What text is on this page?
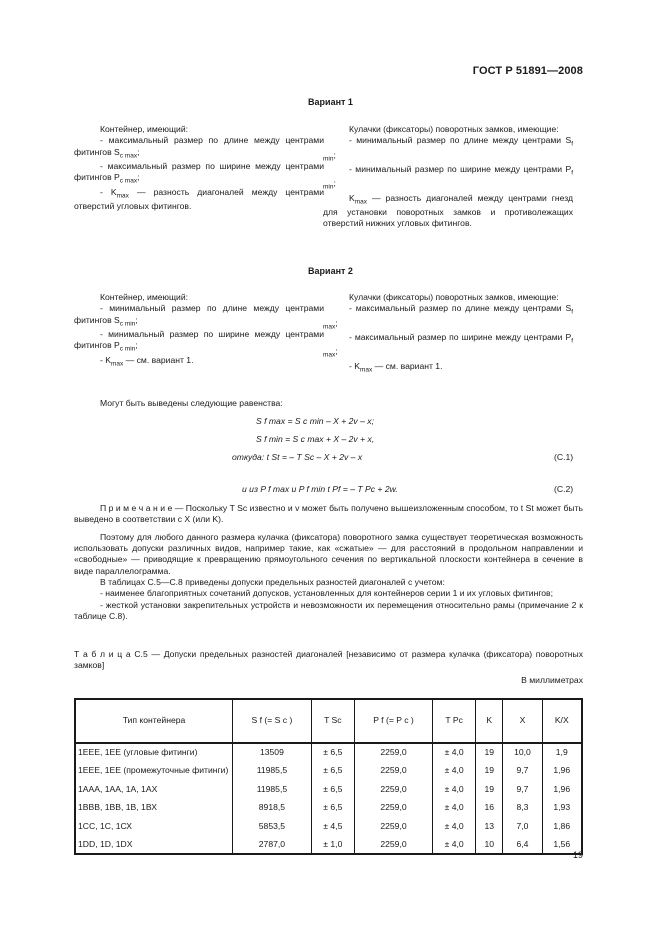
ГОСТ Р 51891—2008
Вариант 1

Контейнер, имеющий:

- максимальный размер по длине между центрами фитингов $S_{c max}$;

- максимальный размер по ширине между центрами фитингов $P_{c max}$;

- $K_{max}$ — разность диагоналей между центрами отверстий угловых фитингов.

Кулачки (фиксаторы) поворотных замков, имеющие:

- минимальный размер по длине между центрами $S_{f min}$;

- минимальный размер по ширине между центрами $P_{f min}$;

$K_{max}$ — разность диагоналей между центрами гнезд для установки поворотных замков и противолежащих отверстий нижних угловых фитингов.

Вариант 2

Контейнер, имеющий:

- минимальный размер по длине между центрами фитингов $S_{c min}$;

- минимальный размер по ширине между центрами фитингов $P_{c min}$;

- $K_{max}$ — см. вариант 1.

Кулачки (фиксаторы) поворотных замков, имеющие:

- максимальный размер по длине между центрами $S_{f max}$;

- максимальный размер по ширине между центрами $P_{f max}$;

- $K_{max}$ — см. вариант 1.

Могут быть выведены следующие равенства:
S f max = S c min – X + 2v – x;
S f min = S c max + X – 2v + x,
откуда: t St = – T Sc – X + 2v – x	(C.1)
и из P f max и P f min t Pf = – T Pc + 2w.	(C.2)

П р и м е ч а н и е — Поскольку T Sc известно и v может быть получено вышеизложенным способом, то t St может быть выведено в соответствии с X (или K).

Поэтому для любого данного размера кулачка (фиксатора) поворотного замка существует теоретическая возможность использовать допуски различных видов, например такие, как «сжатые» — для расстояний в продольном направлении и «свободные» — приводящие к превращению прямоугольного сечения по вертикальной плоскости контейнера в сечение в виде параллелограмма.

В таблицах С.5—С.8 приведены допуски предельных разностей диагоналей с учетом:

- наименее благоприятных сочетаний допусков, установленных для контейнеров серии 1 и их угловых фитингов;

- жесткой установки закрепительных устройств и невозможности их перемещения относительно рамы (примечание 2 к таблице С.8).

Т а б л и ц а С.5 — Допуски предельных разностей диагоналей [независимо от размера кулачка (фиксатора) поворотных замков]
В миллиметрах
Тип контейнера	S f (= S c )	T Sc	P f (= P c )	T Pc	K	X	K/X
1EEE, 1EE (угловые фитинги)	13509	± 6,5	2259,0	± 4,0	19	10,0	1,9
1EEE, 1EE (промежуточные фитинги)	11985,5	± 6,5	2259,0	± 4,0	19	9,7	1,96
1ААА, 1АА, 1А, 1АХ	11985,5	± 6,5	2259,0	± 4,0	19	9,7	1,96
1ВВВ, 1ВВ, 1В, 1ВХ	8918,5	± 6,5	2259,0	± 4,0	16	8,3	1,93
1СС, 1С, 1СХ	5853,5	± 4,5	2259,0	± 4,0	13	7,0	1,86
1DD, 1D, 1DX	2787,0	± 1,0	2259,0	± 4,0	10	6,4	1,56
19
